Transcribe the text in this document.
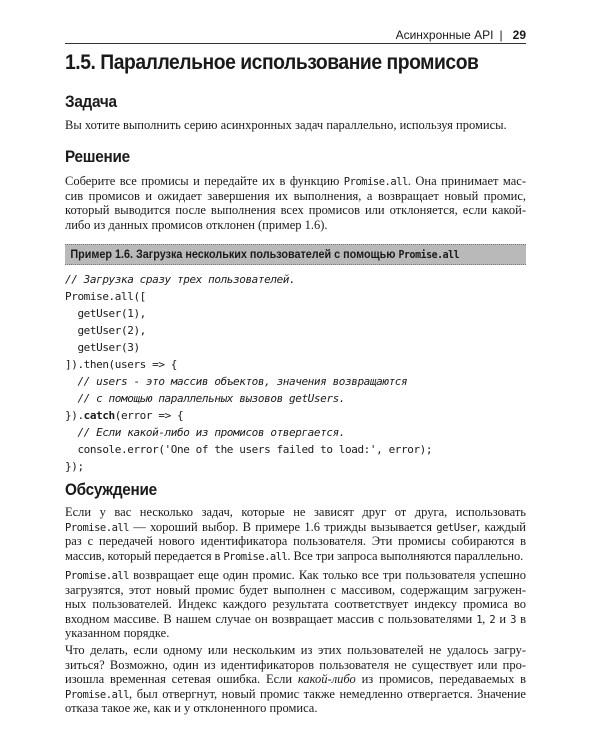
Асинхронные API | 29
1.5. Параллельное использование промисов
Задача
Вы хотите выполнить серию асинхронных задач параллельно, используя промисы.
Решение
Соберите все промисы и передайте их в функцию Promise.all. Она принимает мас-
сив промисов и ожидает завершения их выполнения, а возвращает новый промис,
который выводится после выполнения всех промисов или отклоняется, если какой-
либо из данных промисов отклонен (пример 1.6).
Пример 1.6. Загрузка нескольких пользователей с помощью Promise.all
// Загрузка сразу трех пользователей.
Promise.all([
getUser(1),
getUser(2),
getUser(3)
]).then(users => {
// users - это массив объектов, значения возвращаются
// с помощью параллельных вызовов getUsers.
}).catch(error => {
// Если какой-либо из промисов отвергается.
console.error('One of the users failed to load:', error);
});
Обсуждение
Если у вас несколько задач, которые не зависят друг от друга, использовать
Promise.all — хороший выбор. В примере 1.6 трижды вызывается getUser, каждый
раз с передачей нового идентификатора пользователя. Эти промисы собираются в
массив, который передается в Promise.all. Все три запроса выполняются параллельно.
Promise.all возвращает еще один промис. Как только все три пользователя успешно
загрузятся, этот новый промис будет выполнен с массивом, содержащим загружен-
ных пользователей. Индекс каждого результата соответствует индексу промиса во
входном массиве. В нашем случае он возвращает массив с пользователями 1, 2 и 3 в
указанном порядке.
Что делать, если одному или нескольким из этих пользователей не удалось загру-
зиться? Возможно, один из идентификаторов пользователя не существует или про-
изошла временная сетевая ошибка. Если какой-либо из промисов, передаваемых в
Promise.all, был отвергнут, новый промис также немедленно отвергается. Значение
отказа такое же, как и у отклоненного промиса.
